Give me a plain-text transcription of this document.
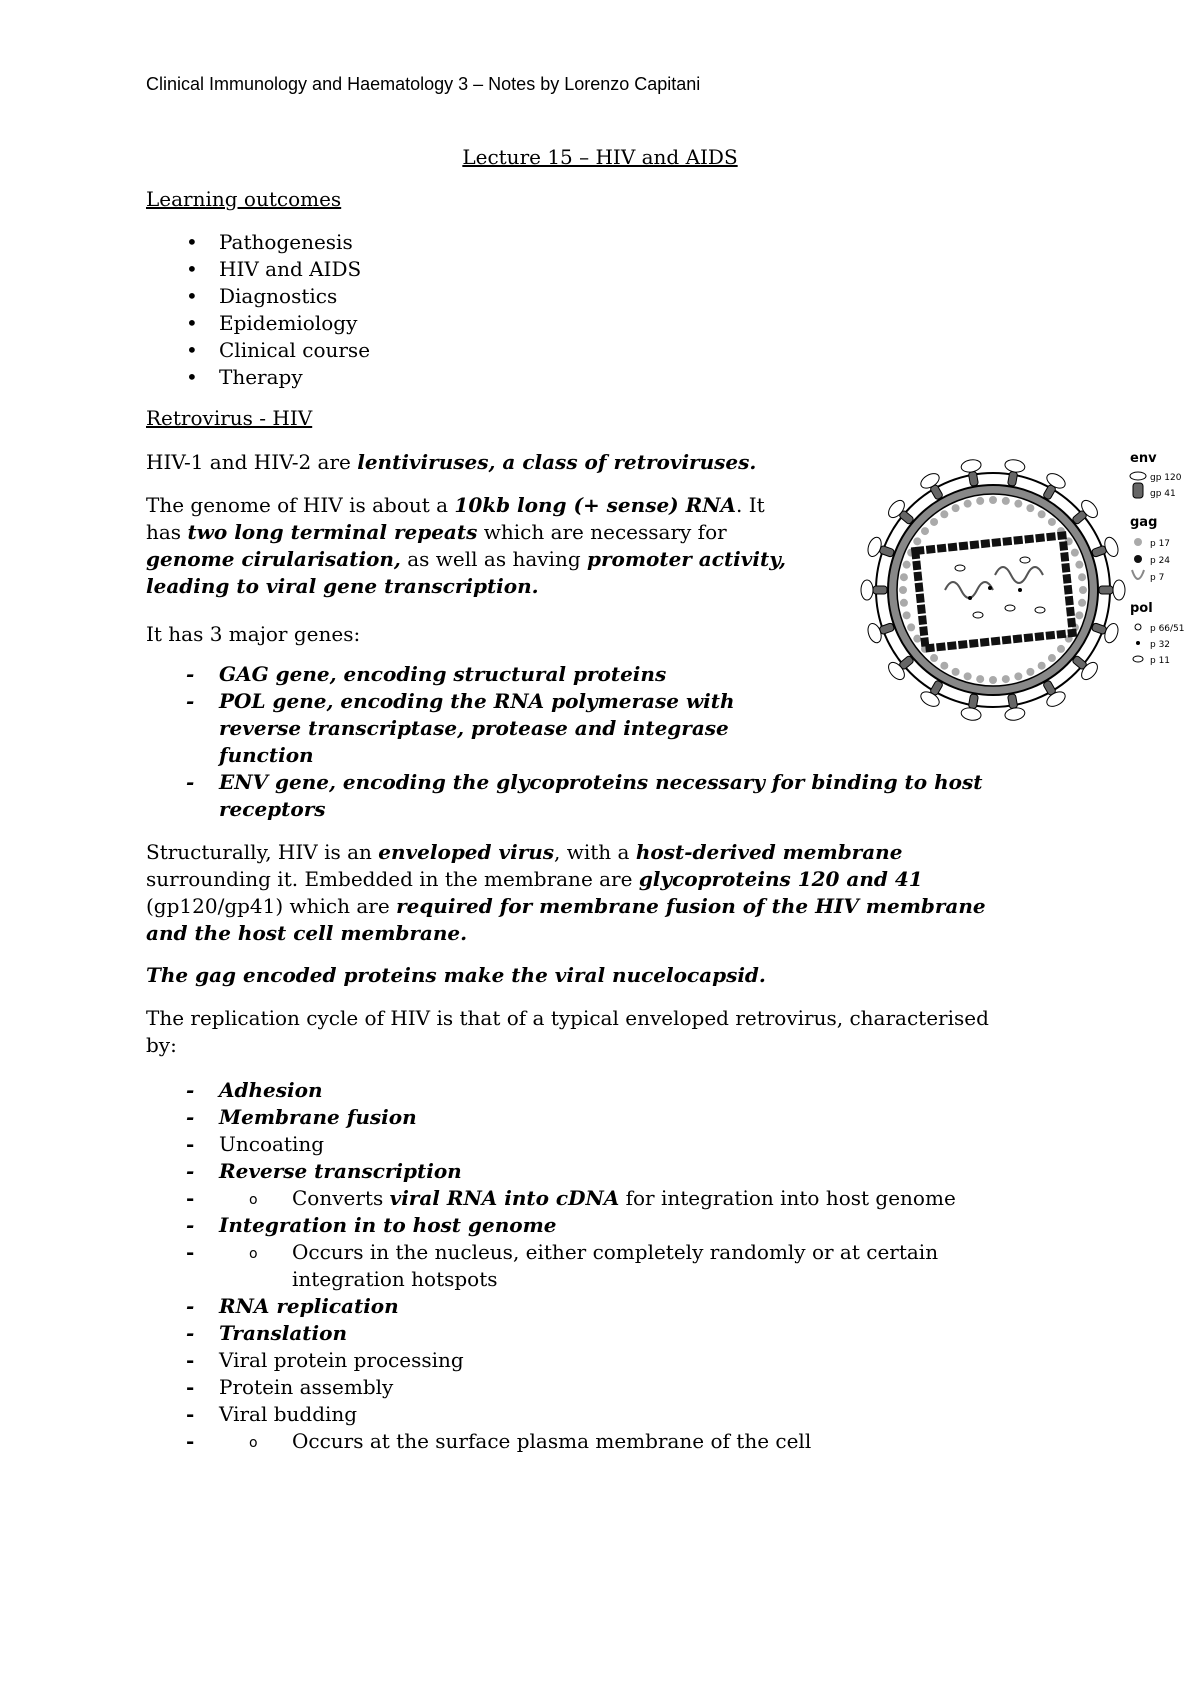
Clinical Immunology and Haematology 3 – Notes by Lorenzo Capitani
Lecture 15 – HIV and AIDS
Learning outcomes
• Pathogenesis
• HIV and AIDS
• Diagnostics
• Epidemiology
• Clinical course
• Therapy
Retrovirus - HIV

HIV-1 and HIV-2 are lentiviruses, a class of retroviruses.

The genome of HIV is about a 10kb long (+ sense) RNA. It
has two long terminal repeats which are necessary for
genome cirularisation, as well as having promoter activity,
leading to viral gene transcription.

It has 3 major genes:

- GAG gene, encoding structural proteins
- POL gene, encoding the RNA polymerase with
reverse transcriptase, protease and integrase
function
- ENV gene, encoding the glycoproteins necessary for binding to host
receptors
Structurally, HIV is an enveloped virus, with a host-derived membrane
surrounding it. Embedded in the membrane are glycoproteins 120 and 41
(gp120/gp41) which are required for membrane fusion of the HIV membrane
and the host cell membrane.

The gag encoded proteins make the viral nucelocapsid.

The replication cycle of HIV is that of a typical enveloped retrovirus, characterised
by:
- Adhesion
- Membrane fusion
- Uncoating
- Reverse transcription
o - Converts viral RNA into cDNA for integration into host genome
- Integration in to host genome
o - Occurs in the nucleus, either completely randomly or at certain
integration hotspots
- RNA replication
- Translation
- Viral protein processing
- Protein assembly
- Viral budding
o - Occurs at the surface plasma membrane of the cell
env
gp 120
gp 41
gag
p 17
p 24
p 7
pol
p 66/51
p 32
p 11
